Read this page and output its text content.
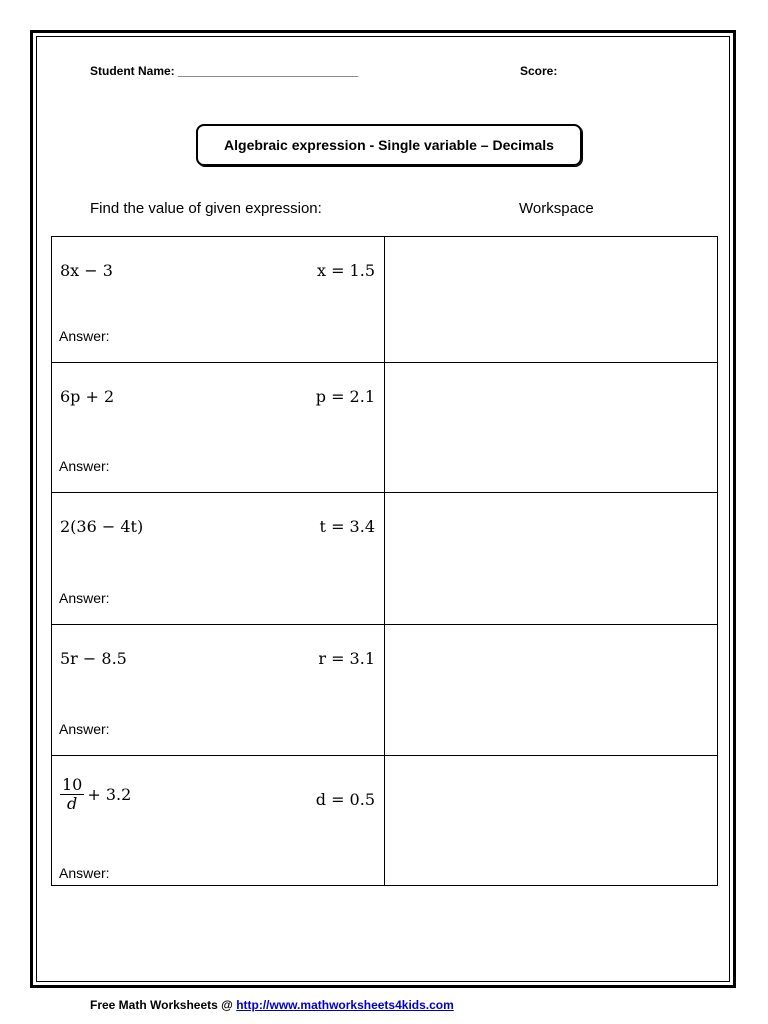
Student Name: ___________________________	Score:
Algebraic expression - Single variable – Decimals
Find the value of given expression:	Workspace
8x − 3 x = 1.5
Answer:	

6p + 2 p = 2.1
Answer:	

2(36 − 4t) t = 3.4
Answer:	

5r − 8.5 r = 3.1
Answer:	

$\frac{10}{d} + 3.2$ d = 0.5
Answer:	

Free Math Worksheets @ http://www.mathworksheets4kids.com
